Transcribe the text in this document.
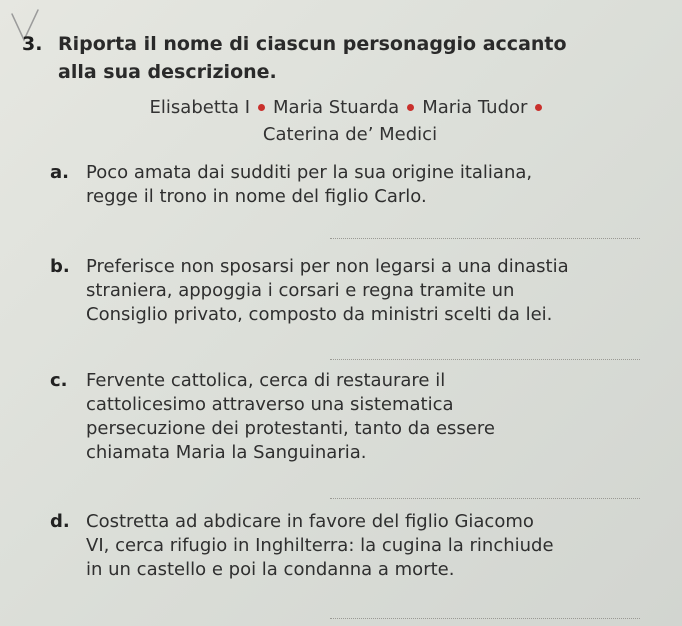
3. Riporta il nome di ciascun personaggio accanto
alla sua descrizione.
Elisabetta I Maria Stuarda Maria Tudor
Caterina de’ Medici
a. Poco amata dai sudditi per la sua origine italiana,
regge il trono in nome del figlio Carlo.
b. Preferisce non sposarsi per non legarsi a una dinastia
straniera, appoggia i corsari e regna tramite un
Consiglio privato, composto da ministri scelti da lei.
c. Fervente cattolica, cerca di restaurare il
cattolicesimo attraverso una sistematica
persecuzione dei protestanti, tanto da essere
chiamata Maria la Sanguinaria.
d. Costretta ad abdicare in favore del figlio Giacomo
VI, cerca rifugio in Inghilterra: la cugina la rinchiude
in un castello e poi la condanna a morte.
